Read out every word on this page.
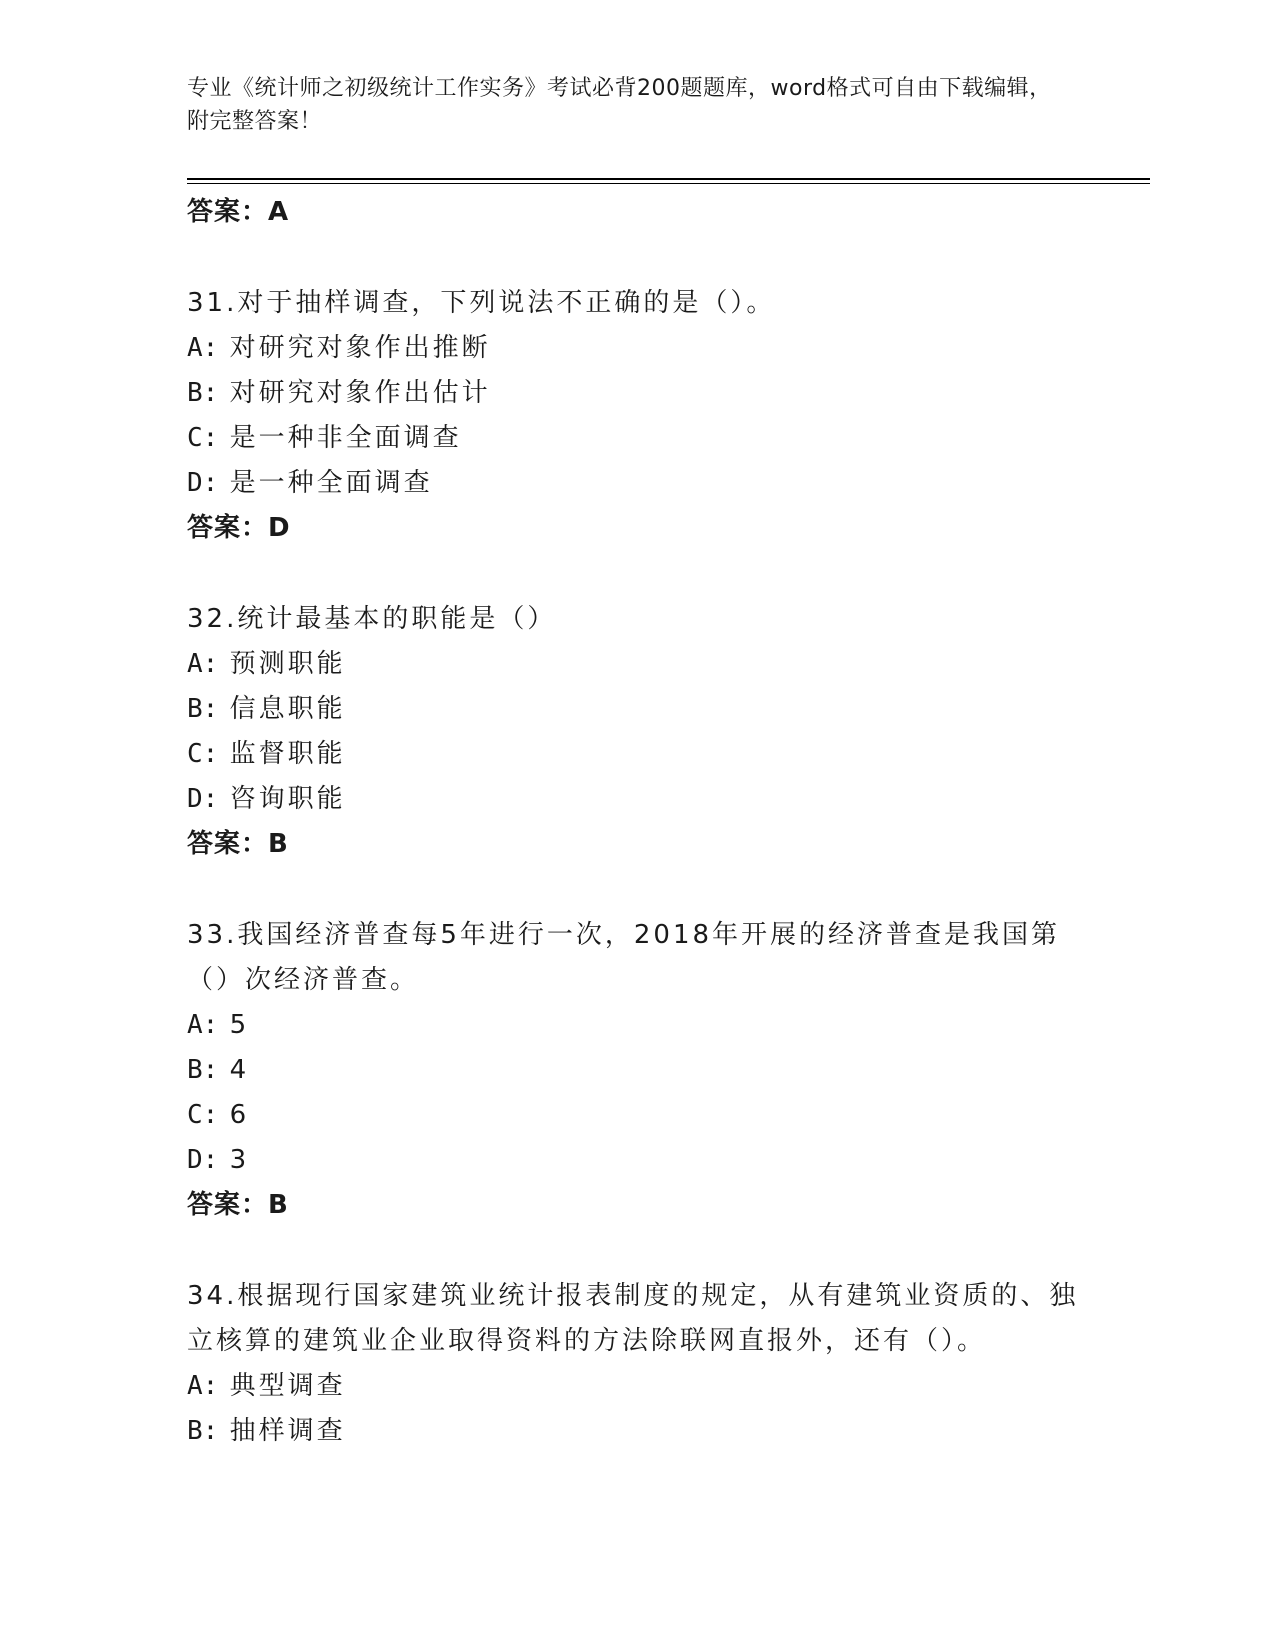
专业《统计师之初级统计工作实务》考试必背200题题库，word格式可自由下载编辑，附完整答案！
答案：A
31.对于抽样调查，下列说法不正确的是（）。
A: 对研究对象作出推断
B: 对研究对象作出估计
C: 是一种非全面调查
D: 是一种全面调查
答案：D
32.统计最基本的职能是（）
A: 预测职能
B: 信息职能
C: 监督职能
D: 咨询职能
答案：B
33.我国经济普查每5年进行一次，2018年开展的经济普查是我国第（）次经济普查。
A: 5
B: 4
C: 6
D: 3
答案：B
34.根据现行国家建筑业统计报表制度的规定，从有建筑业资质的、独立核算的建筑业企业取得资料的方法除联网直报外，还有（）。
A: 典型调查
B: 抽样调查
